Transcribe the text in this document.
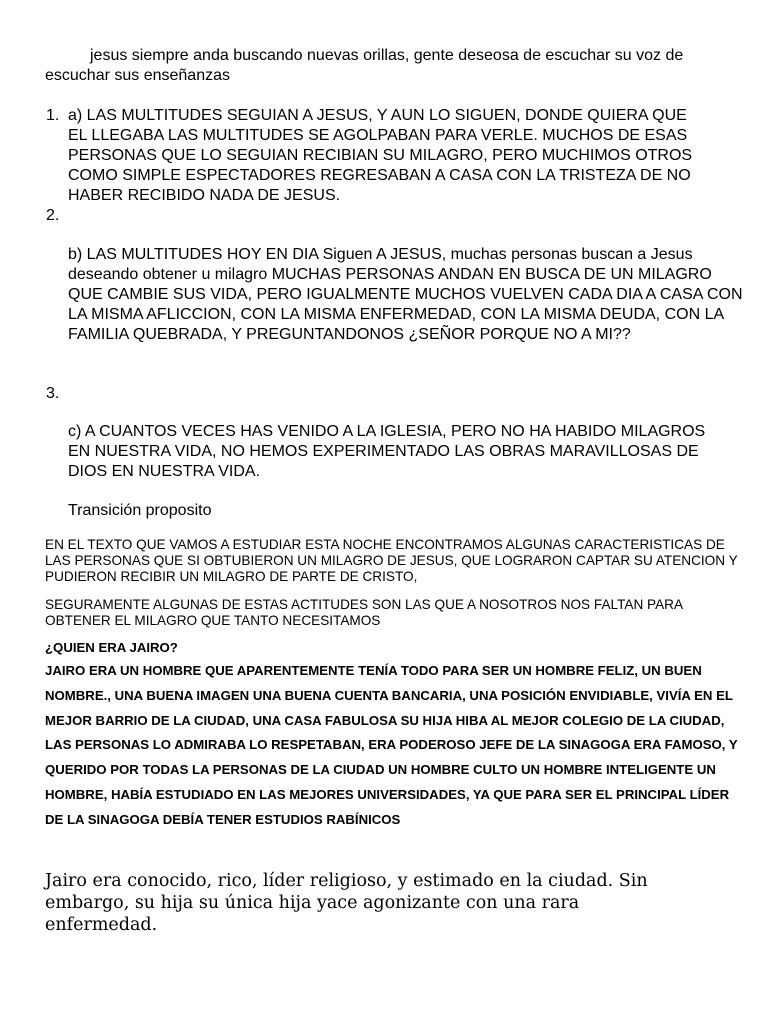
jesus siempre anda buscando nuevas orillas, gente deseosa de escuchar su voz de escuchar sus enseñanzas

1. a) LAS MULTITUDES SEGUIAN A JESUS, Y AUN LO SIGUEN, DONDE QUIERA QUE EL LLEGABA LAS MULTITUDES SE AGOLPABAN PARA VERLE. MUCHOS DE ESAS PERSONAS QUE LO SEGUIAN RECIBIAN SU MILAGRO, PERO MUCHIMOS OTROS COMO SIMPLE ESPECTADORES REGRESABAN A CASA CON LA TRISTEZA DE NO HABER RECIBIDO NADA DE JESUS.

2.

b) LAS MULTITUDES HOY EN DIA Siguen A JESUS, muchas personas buscan a Jesus deseando obtener u milagro MUCHAS PERSONAS ANDAN EN BUSCA DE UN MILAGRO QUE CAMBIE SUS VIDA, PERO IGUALMENTE MUCHOS VUELVEN CADA DIA A CASA CON LA MISMA AFLICCION, CON LA MISMA ENFERMEDAD, CON LA MISMA DEUDA, CON LA FAMILIA QUEBRADA, Y PREGUNTANDONOS ¿SEÑOR PORQUE NO A MI??

3.

c) A CUANTOS VECES HAS VENIDO A LA IGLESIA, PERO NO HA HABIDO MILAGROS EN NUESTRA VIDA, NO HEMOS EXPERIMENTADO LAS OBRAS MARAVILLOSAS DE DIOS EN NUESTRA VIDA.

Transición proposito

EN EL TEXTO QUE VAMOS A ESTUDIAR ESTA NOCHE ENCONTRAMOS ALGUNAS CARACTERISTICAS DE LAS PERSONAS QUE SI OBTUBIERON UN MILAGRO DE JESUS, QUE LOGRARON CAPTAR SU ATENCION Y PUDIERON RECIBIR UN MILAGRO DE PARTE DE CRISTO,

SEGURAMENTE ALGUNAS DE ESTAS ACTITUDES SON LAS QUE A NOSOTROS NOS FALTAN PARA OBTENER EL MILAGRO QUE TANTO NECESITAMOS

¿QUIEN ERA JAIRO?

JAIRO ERA UN HOMBRE QUE APARENTEMENTE TENÍA TODO PARA SER UN HOMBRE FELIZ, UN BUEN NOMBRE., UNA BUENA IMAGEN UNA BUENA CUENTA BANCARIA, UNA POSICIÓN ENVIDIABLE, VIVÍA EN EL MEJOR BARRIO DE LA CIUDAD, UNA CASA FABULOSA SU HIJA HIBA AL MEJOR COLEGIO DE LA CIUDAD, LAS PERSONAS LO ADMIRABA LO RESPETABAN, ERA PODEROSO JEFE DE LA SINAGOGA ERA FAMOSO, Y QUERIDO POR TODAS LA PERSONAS DE LA CIUDAD UN HOMBRE CULTO UN HOMBRE INTELIGENTE UN HOMBRE, HABÍA ESTUDIADO EN LAS MEJORES UNIVERSIDADES, YA QUE PARA SER EL PRINCIPAL LÍDER DE LA SINAGOGA DEBÍA TENER ESTUDIOS RABÍNICOS

Jairo era conocido, rico, líder religioso, y estimado en la ciudad. Sin embargo, su hija su única hija yace agonizante con una rara enfermedad.
